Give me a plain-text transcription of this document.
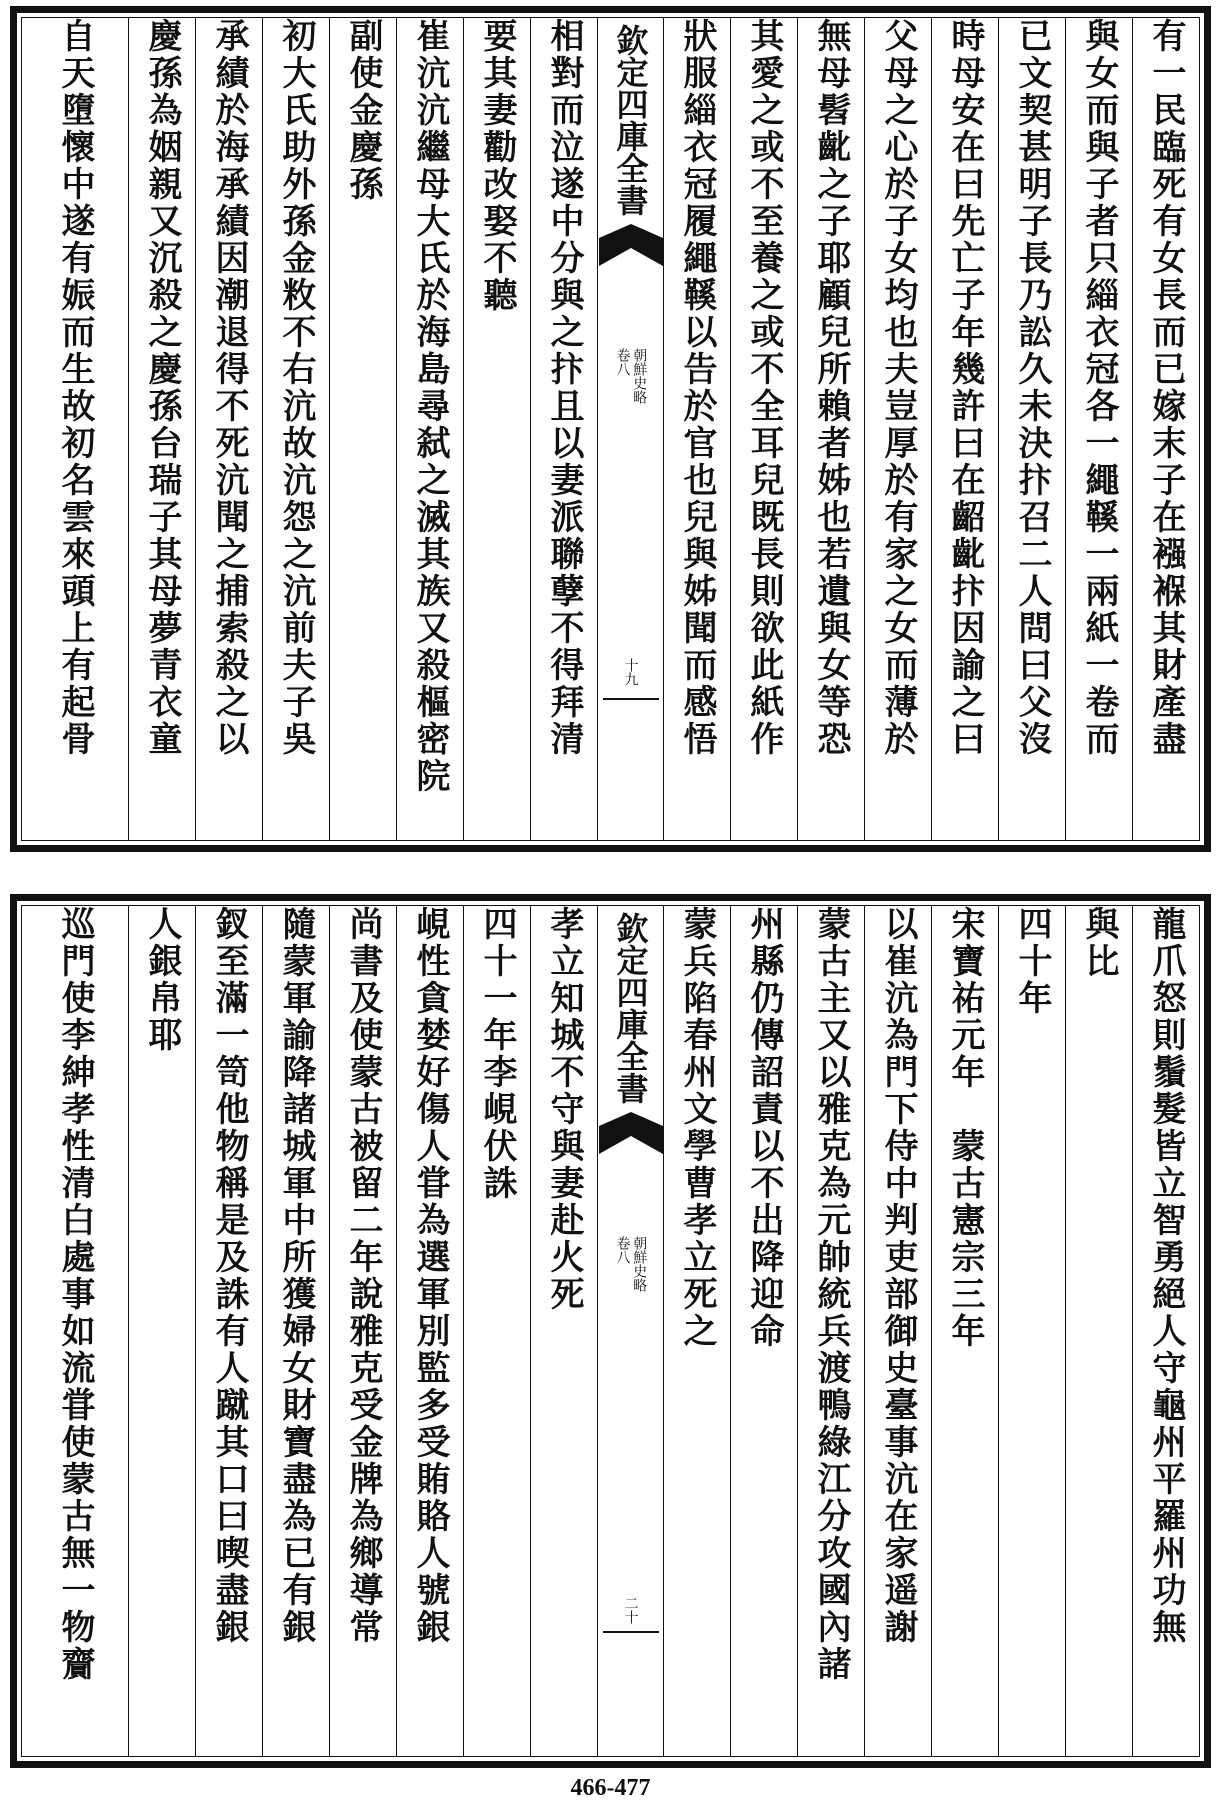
有一民臨死有女長而已嫁末子在襁褓其財產盡
與女而與子者只緇衣冠各一繩鞵一兩紙一卷而
已文契甚明子長乃訟久未決抃召二人問曰父沒
時母安在曰先亡子年幾許曰在齠齔抃因諭之曰
父母之心於子女均也夫豈厚於有家之女而薄於
無母髫齔之子耶顧兒所賴者姊也若遺與女等恐
其愛之或不至養之或不全耳兒既長則欲此紙作
狀服緇衣冠履繩鞵以告於官也兒與姊聞而感悟
欽定四庫全書
朝鮮史略
卷八
十九
相對而泣遂中分與之抃且以妻派聯孽不得拜清
要其妻勸改娶不聽
崔沆沆繼母大氏於海島尋弑之滅其族又殺樞密院
副使金慶孫
初大氏助外孫金敉不右沆故沆怨之沆前夫子吳
承績於海承績因潮退得不死沆聞之捕索殺之以
慶孫為姻親又沉殺之慶孫台瑞子其母夢青衣童
自天墮懷中遂有娠而生故初名雲來頭上有起骨
龍爪怒則鬚髮皆立智勇絕人守龜州平羅州功無
與比
四十年
宋寶祐元年　蒙古憲宗三年
以崔沆為門下侍中判吏部御史臺事沆在家遥謝
蒙古主又以雅克為元帥統兵渡鴨綠江分攻國內諸
州縣仍傳詔責以不出降迎命
蒙兵陷春州文學曹孝立死之
欽定四庫全書
朝鮮史略
卷八
二十
孝立知城不守與妻赴火死
四十一年李峴伏誅
峴性貪婪好傷人甞為選軍別監多受賄賂人號銀
尚書及使蒙古被留二年說雅克受金牌為鄉導常
隨蒙軍諭降諸城軍中所獲婦女財寶盡為已有銀
釵至滿一笥他物稱是及誅有人蹴其口曰喫盡銀
人銀帛耶
巡門使李紳孝性清白處事如流甞使蒙古無一物齎
466-477
